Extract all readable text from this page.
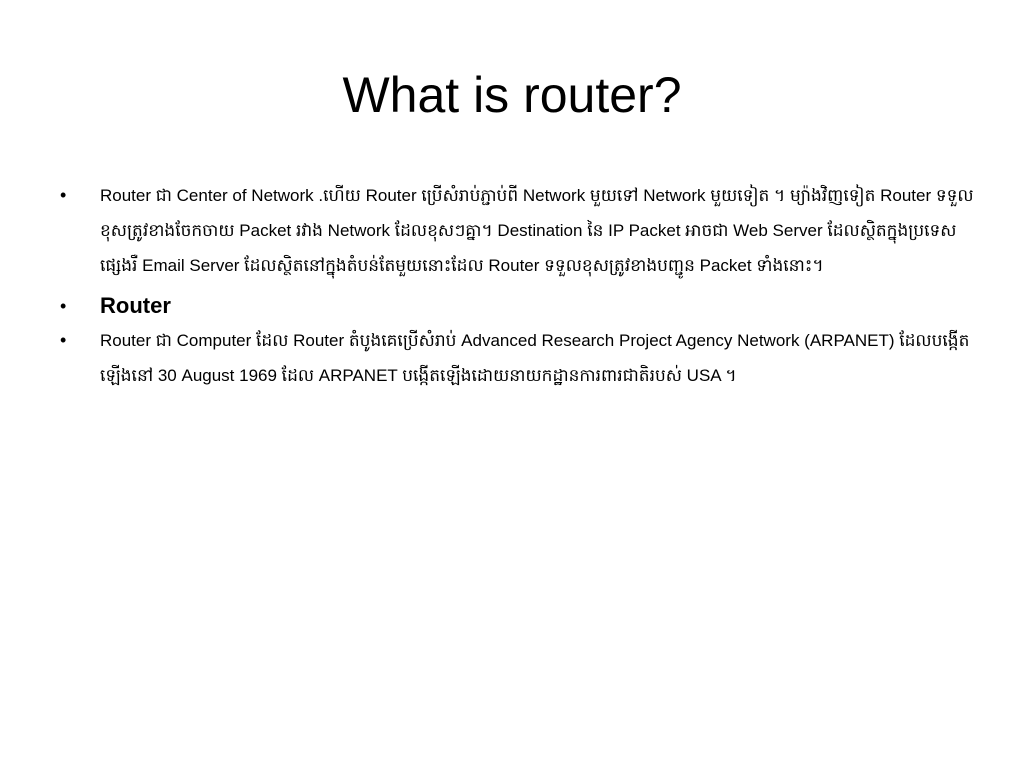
What is router?
• Router ជា Center of Network .ហើយ Router ប្រើសំរាប់ភ្ជាប់ពី Network មួយទៅ Network មួយទៀត ។ ម្យ៉ាងវិញទៀត Router ទទួលខុសត្រូវខាងចែកចាយ Packet រវាង Network ដែលខុសៗគ្នា។ Destination នៃ IP Packet អាចជា Web Server ដែលស្ថិតក្នុងប្រទេសផ្សេងរឺ Email Server ដែលស្ថិតនៅក្នុងតំបន់តែមួយនោះដែល Router ទទួលខុសត្រូវខាងបញ្ជូន Packet ទាំងនោះ។
• Router
• Router ជា Computer ដែល Router តំបូងគេប្រើសំរាប់ Advanced Research Project Agency Network (ARPANET) ដែលបង្កើតឡើងនៅ 30 August 1969 ដែល ARPANET បង្កើតឡើងដោយនាយកដ្ឋានការពារជាតិរបស់ USA ។
